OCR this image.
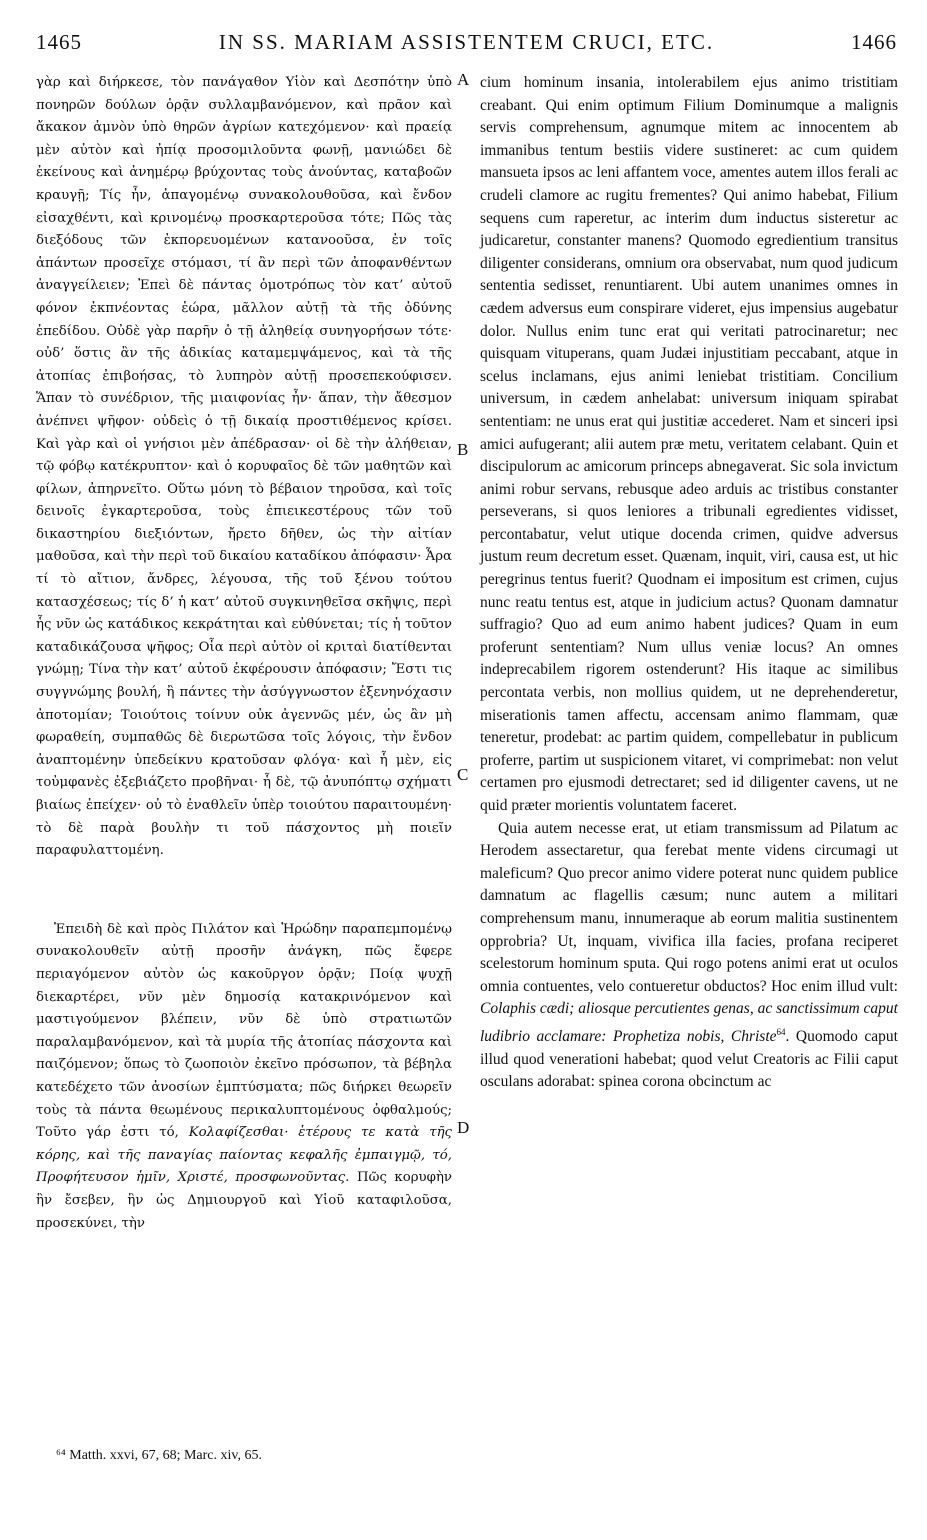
1465	IN SS. MARIAM ASSISTENTEM CRUCI, ETC.	1466

γὰρ καὶ διήρκεσε, τὸν πανάγαθον Υἱὸν καὶ Δεσπότην ὑπὸ πονηρῶν δούλων ὁρᾷν συλλαμβανόμενον, καὶ πρᾶον καὶ ἄκακον ἀμνὸν ὑπὸ θηρῶν ἀγρίων κατεχόμενον· καὶ πραείᾳ μὲν αὐτὸν καὶ ἠπίᾳ προσομιλοῦντα φωνῇ, μανιώδει δὲ ἐκείνους καὶ ἀνημέρῳ βρύχοντας τοὺς ἀνούντας, καταβοῶν κραυγῇ; Τίς ἦν, ἀπαγομένῳ συνακολουθοῦσα, καὶ ἔνδον εἰσαχθέντι, καὶ κρινομένῳ προσκαρτεροῦσα τότε; Πῶς τὰς διεξόδους τῶν ἐκπορευομένων κατανοοῦσα, ἐν τοῖς ἁπάντων προσεῖχε στόμασι, τί ἂν περὶ τῶν ἀποφανθέντων ἀναγγείλειεν; Ἐπεὶ δὲ πάντας ὁμοτρόπως τὸν κατ’ αὐτοῦ φόνον ἐκπνέοντας ἑώρα, μᾶλλον αὐτῇ τὰ τῆς ὀδύνης ἐπεδίδου. Οὐδὲ γὰρ παρῆν ὁ τῇ ἀληθείᾳ συνηγορήσων τότε· οὐδ’ ὅστις ἂν τῆς ἀδικίας καταμεμψάμενος, καὶ τὰ τῆς ἀτοπίας ἐπιβοήσας, τὸ λυπηρὸν αὐτῇ προσεπεκούφισεν. Ἅπαν τὸ συνέδριον, τῆς μιαιφονίας ἦν· ἅπαν, τὴν ἄθεσμον ἀνέπνει ψῆφον· οὐδεὶς ὁ τῇ δικαίᾳ προστιθέμενος κρίσει. Καὶ γὰρ καὶ οἱ γνήσιοι μὲν ἀπέδρασαν· οἱ δὲ τὴν ἀλήθειαν, τῷ φόβῳ κατέκρυπτον· καὶ ὁ κορυφαῖος δὲ τῶν μαθητῶν καὶ φίλων, ἀπηρνεῖτο. Οὕτω μόνη τὸ βέβαιον τηροῦσα, καὶ τοῖς δεινοῖς ἐγκαρτεροῦσα, τοὺς ἐπιεικεστέρους τῶν τοῦ δικαστηρίου διεξιόντων, ἤρετο δῆθεν, ὡς τὴν αἰτίαν μαθοῦσα, καὶ τὴν περὶ τοῦ δικαίου καταδίκου ἀπόφασιν· Ἆρα τί τὸ αἴτιον, ἄνδρες, λέγουσα, τῆς τοῦ ξένου τούτου κατασχέσεως; τίς δ’ ἡ κατ’ αὐτοῦ συγκινηθεῖσα σκῆψις, περὶ ἧς νῦν ὡς κατάδικος κεκράτηται καὶ εὐθύνεται; τίς ἡ τοῦτον καταδικάζουσα ψῆφος; Οἷα περὶ αὐτὸν οἱ κριταὶ διατίθενται γνώμῃ; Τίνα τὴν κατ’ αὐτοῦ ἐκφέρουσιν ἀπόφασιν; Ἔστι τις συγγνώμης βουλή, ἢ πάντες τὴν ἀσύγγνωστον ἐξενηνόχασιν ἀποτομίαν; Τοιούτοις τοίνυν οὐκ ἀγεννῶς μέν, ὡς ἂν μὴ φωραθείη, συμπαθῶς δὲ διερωτῶσα τοῖς λόγοις, τὴν ἔνδον ἀναπτομένην ὑπεδείκνυ κρατοῦσαν φλόγα· καὶ ἧ μὲν, εἰς τοὐμφανὲς ἐξεβιάζετο προβῆναι· ἧ δὲ, τῷ ἀνυπόπτῳ σχήματι βιαίως ἐπείχεν· οὐ τὸ ἐναθλεῖν ὑπὲρ τοιούτου παραιτουμένη· τὸ δὲ παρὰ βουλὴν τι τοῦ πάσχοντος μὴ ποιεῖν παραφυλαττομένη.

Ἐπειδὴ δὲ καὶ πρὸς Πιλάτον καὶ Ἡρώδην παραπεμπομένῳ συνακολουθεῖν αὐτῇ προσῆν ἀνάγκη, πῶς ἔφερε περιαγόμενον αὐτὸν ὡς κακοῦργον ὁρᾷν; Ποίᾳ ψυχῇ διεκαρτέρει, νῦν μὲν δημοσίᾳ κατακρινόμενον καὶ μαστιγούμενον βλέπειν, νῦν δὲ ὑπὸ στρατιωτῶν παραλαμβανόμενον, καὶ τὰ μυρία τῆς ἀτοπίας πάσχοντα καὶ παιζόμενον; ὅπως τὸ ζωοποιὸν ἐκεῖνο πρόσωπον, τὰ βέβηλα κατεδέχετο τῶν ἀνοσίων ἐμπτύσματα; πῶς διήρκει θεωρεῖν τοὺς τὰ πάντα θεωμένους περικαλυπτομένους ὀφθαλμούς; Τοῦτο γάρ ἐστι τό, Κολαφίζεσθαι· ἑτέρους τε κατὰ τῆς κόρης, καὶ τῆς παναγίας παίοντας κεφαλῆς ἐμπαιγμῷ, τό, Προφήτευσον ἡμῖν, Χριστέ, προσφωνοῦντας. Πῶς κορυφὴν ἣν ἔσεβεν, ἣν ὡς Δημιουργοῦ καὶ Υἱοῦ καταφιλοῦσα, προσεκύνει, τὴν

A
B
C
D

cium hominum insania, intolerabilem ejus animo tristitiam creabant. Qui enim optimum Filium Dominumque a malignis servis comprehensum, agnumque mitem ac innocentem ab immanibus tentum bestiis videre sustineret: ac cum quidem mansueta ipsos ac leni affantem voce, amentes autem illos ferali ac crudeli clamore ac rugitu frementes? Qui animo habebat, Filium sequens cum raperetur, ac interim dum inductus sisteretur ac judicaretur, constanter manens? Quomodo egredientium transitus diligenter considerans, omnium ora observabat, num quod judicum sententia sedisset, renuntiarent. Ubi autem unanimes omnes in cædem adversus eum conspirare videret, ejus impensius augebatur dolor. Nullus enim tunc erat qui veritati patrocinaretur; nec quisquam vituperans, quam Judæi injustitiam peccabant, atque in scelus inclamans, ejus animi leniebat tristitiam. Concilium universum, in cædem anhelabat: universum iniquam spirabat sententiam: ne unus erat qui justitiæ accederet. Nam et sinceri ipsi amici aufugerant; alii autem præ metu, veritatem celabant. Quin et discipulorum ac amicorum princeps abnegaverat. Sic sola invictum animi robur servans, rebusque adeo arduis ac tristibus constanter perseverans, si quos leniores a tribunali egredientes vidisset, percontabatur, velut utique docenda crimen, quidve adversus justum reum decretum esset. Quænam, inquit, viri, causa est, ut hic peregrinus tentus fuerit? Quodnam ei impositum est crimen, cujus nunc reatu tentus est, atque in judicium actus? Quonam damnatur suffragio? Quo ad eum animo habent judices? Quam in eum proferunt sententiam? Num ullus veniæ locus? An omnes indeprecabilem rigorem ostenderunt? His itaque ac similibus percontata verbis, non mollius quidem, ut ne deprehenderetur, miserationis tamen affectu, accensam animo flammam, quæ teneretur, prodebat: ac partim quidem, compellebatur in publicum proferre, partim ut suspicionem vitaret, vi comprimebat: non velut certamen pro ejusmodi detrectaret; sed id diligenter cavens, ut ne quid præter morientis voluntatem faceret.

Quia autem necesse erat, ut etiam transmissum ad Pilatum ac Herodem assectaretur, qua ferebat mente videns circumagi ut maleficum? Quo precor animo videre poterat nunc quidem publice damnatum ac flagellis cæsum; nunc autem a militari comprehensum manu, innumeraque ab eorum malitia sustinentem opprobria? Ut, inquam, vivifica illa facies, profana reciperet scelestorum hominum sputa. Qui rogo potens animi erat ut oculos omnia contuentes, velo contueretur obductos? Hoc enim illud vult: Colaphis cædi; aliosque percutientes genas, ac sanctissimum caput ludibrio acclamare: Prophetiza nobis, Christe$^{64}$. Quomodo caput illud quod venerationi habebat; quod velut Creatoris ac Filii caput osculans adorabat: spinea corona obcinctum ac

⁶⁴ Matth. xxvi, 67, 68; Marc. xiv, 65.
